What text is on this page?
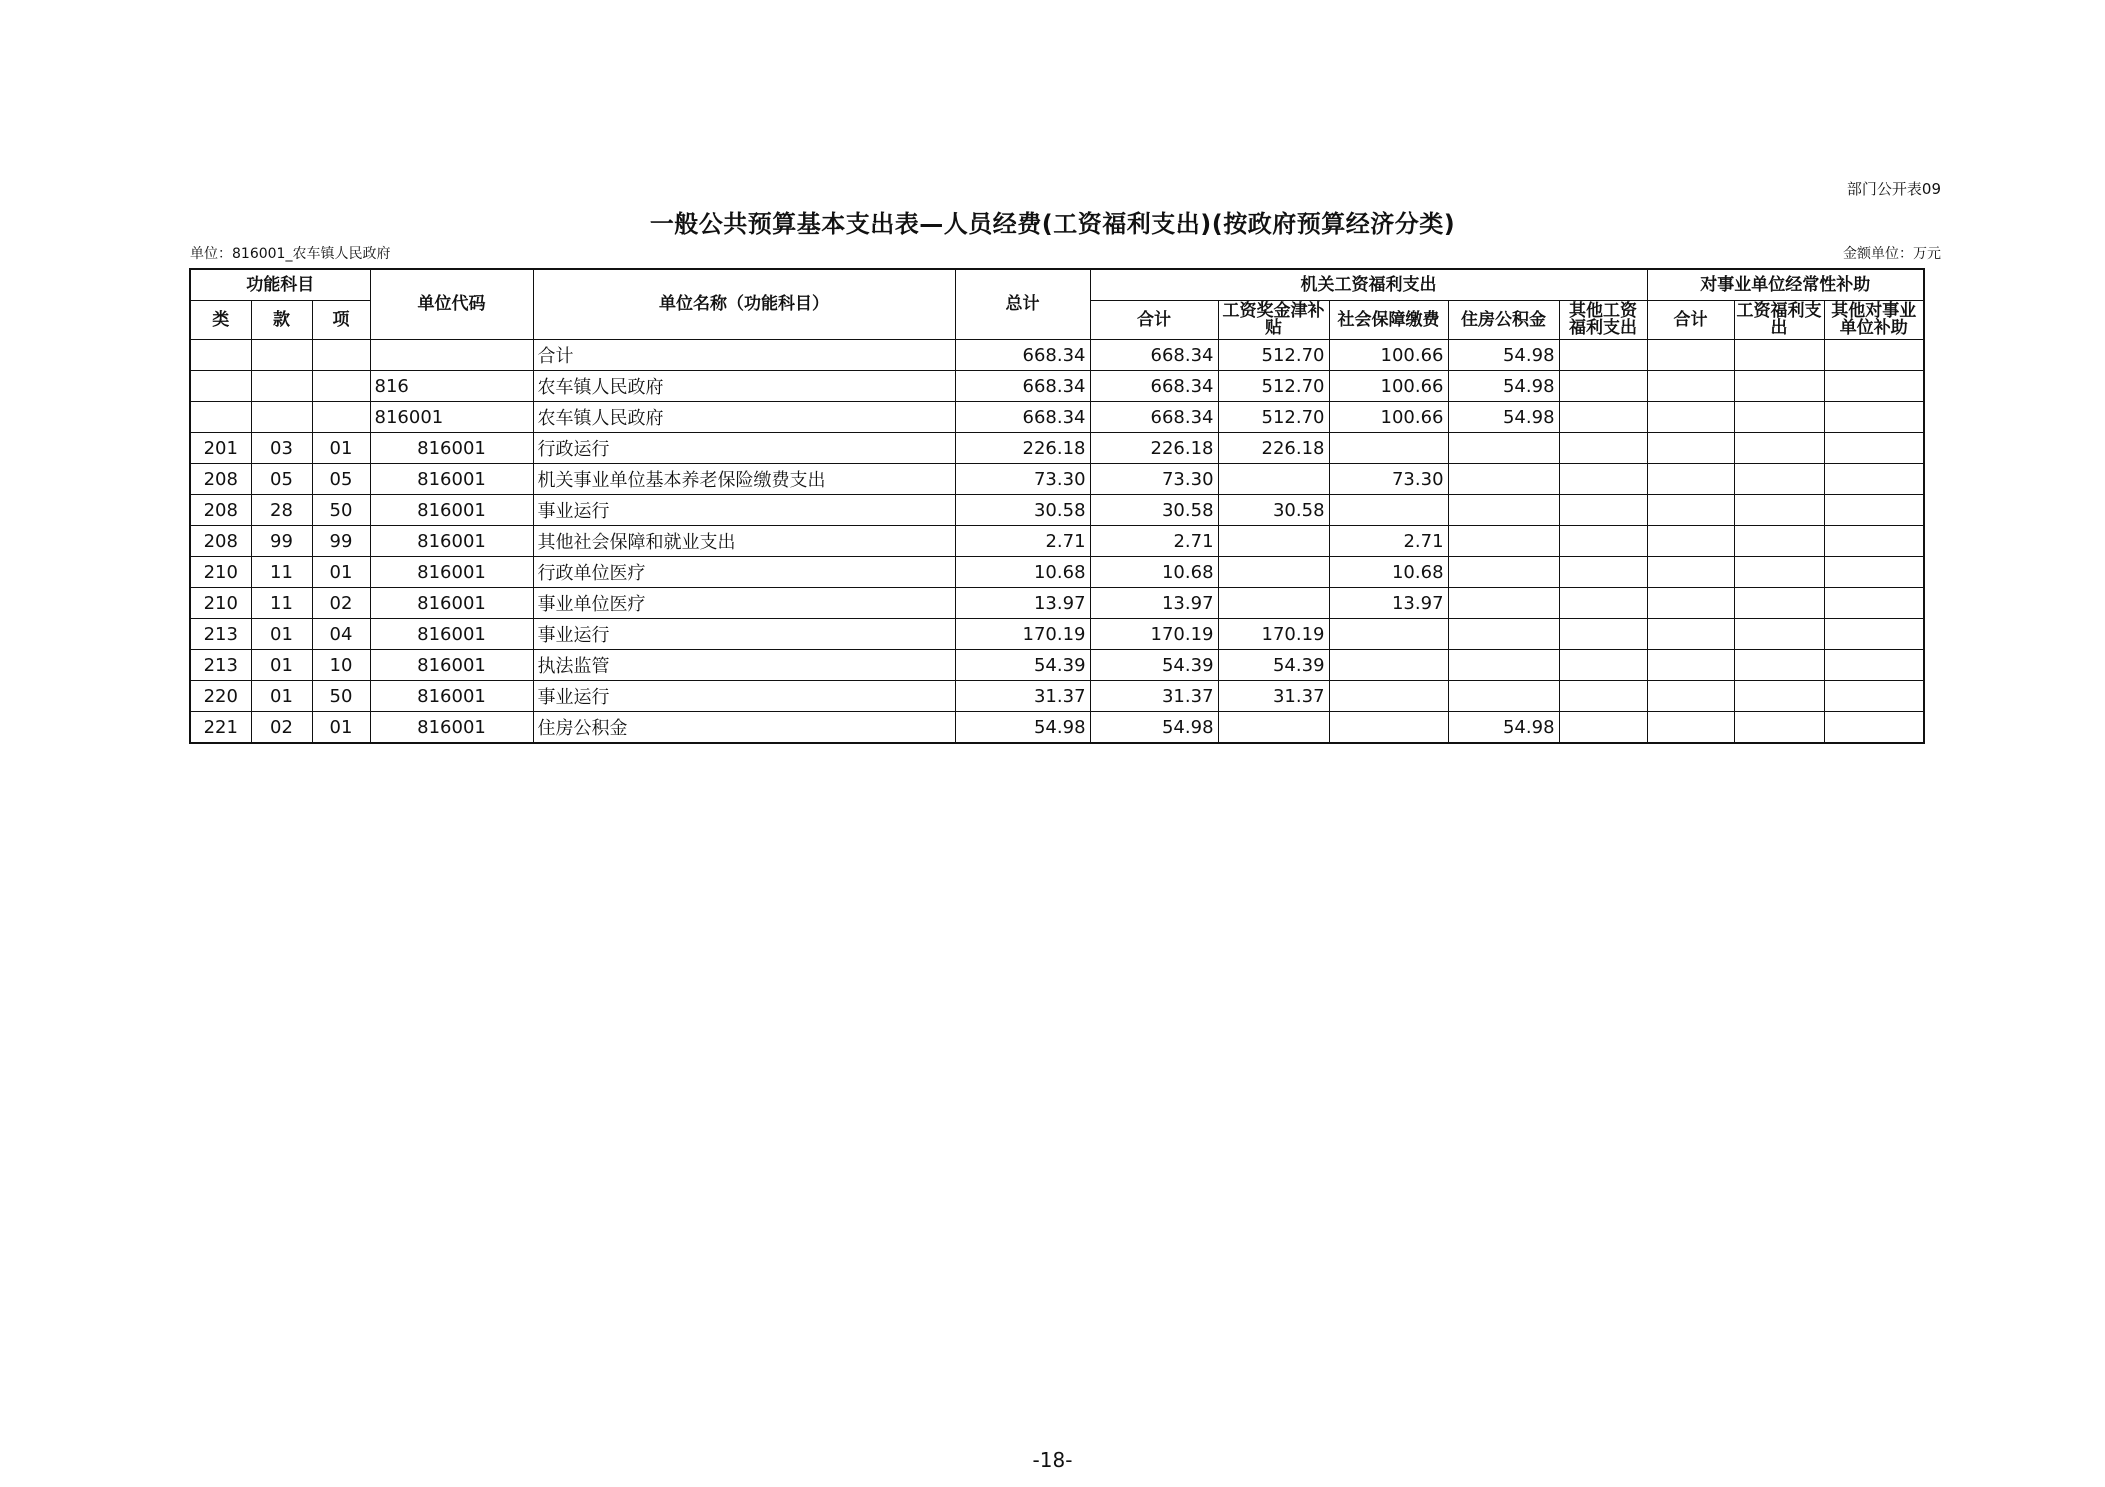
部门公开表09
一般公共预算基本支出表—人员经费(工资福利支出)(按政府预算经济分类)
单位：816001_农车镇人民政府	金额单位：万元
功能科目			单位代码	单位名称（功能科目）	总计	机关工资福利支出					对事业单位经常性补助		
类	款	项				合计	工资奖金津补贴	社会保障缴费	住房公积金	其他工资福利支出	合计	工资福利支出	其他对事业单位补助
				合计	668.34	668.34	512.70	100.66	54.98				
			816	农车镇人民政府	668.34	668.34	512.70	100.66	54.98				
			816001	农车镇人民政府	668.34	668.34	512.70	100.66	54.98				
201	03	01	816001	行政运行	226.18	226.18	226.18						
208	05	05	816001	机关事业单位基本养老保险缴费支出	73.30	73.30		73.30					
208	28	50	816001	事业运行	30.58	30.58	30.58						
208	99	99	816001	其他社会保障和就业支出	2.71	2.71		2.71					
210	11	01	816001	行政单位医疗	10.68	10.68		10.68					
210	11	02	816001	事业单位医疗	13.97	13.97		13.97					
213	01	04	816001	事业运行	170.19	170.19	170.19						
213	01	10	816001	执法监管	54.39	54.39	54.39						
220	01	50	816001	事业运行	31.37	31.37	31.37						
221	02	01	816001	住房公积金	54.98	54.98			54.98				
-18-
